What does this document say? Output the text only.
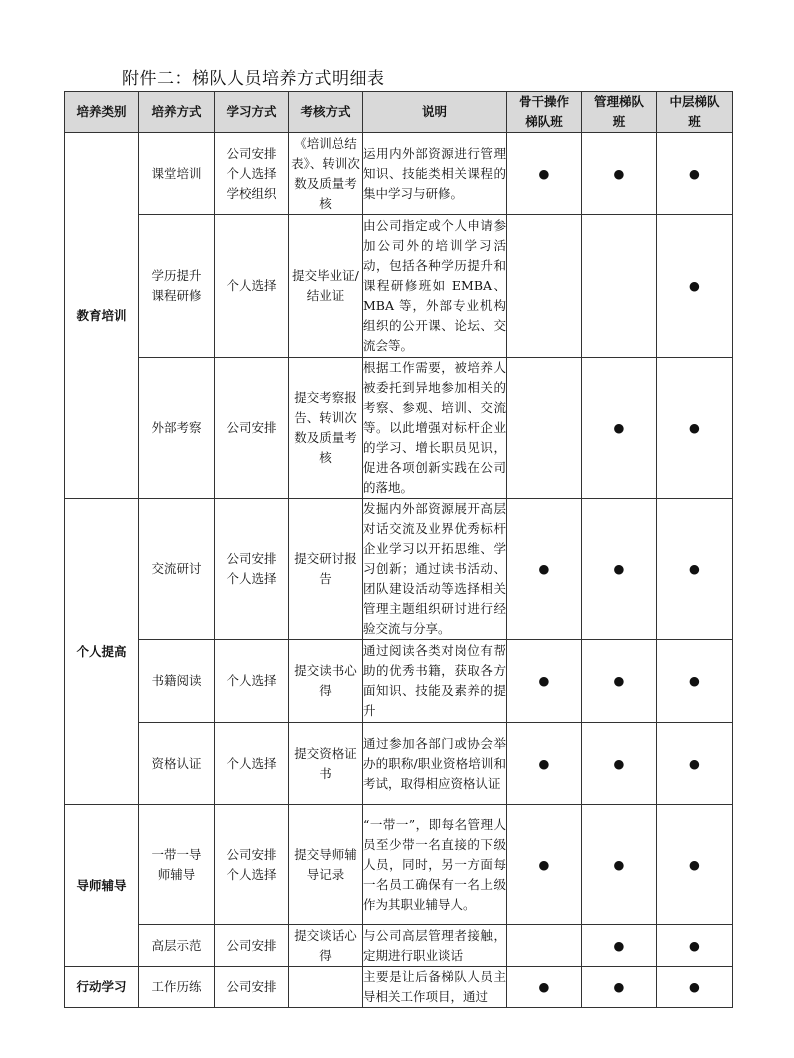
附件二：梯队人员培养方式明细表
培养类别	培养方式	学习方式	考核方式	说明	骨干操作梯队班	管理梯队班	中层梯队班

教育培训	课堂培训	公司安排个人选择学校组织	《培训总结表》、转训次数及质量考核	运用内外部资源进行管理知识、技能类相关课程的集中学习与研修。	●	●	●

	学历提升课程研修	个人选择	提交毕业证/结业证	由公司指定或个人申请参加公司外的培训学习活动，包括各种学历提升和课程研修班如 EMBA、MBA 等，外部专业机构组织的公开课、论坛、交流会等。			●
	外部考察	公司安排	提交考察报告、转训次数及质量考核	根据工作需要，被培养人被委托到异地参加相关的考察、参观、培训、交流等。以此增强对标杆企业的学习、增长职员见识，促进各项创新实践在公司的落地。		●	●
个人提高	交流研讨	公司安排个人选择	提交研讨报告	发掘内外部资源展开高层对话交流及业界优秀标杆企业学习以开拓思维、学习创新；通过读书活动、团队建设活动等选择相关管理主题组织研讨进行经验交流与分享。	●	●	●
	书籍阅读	个人选择	提交读书心得	通过阅读各类对岗位有帮助的优秀书籍，获取各方面知识、技能及素养的提升	●	●	●
	资格认证	个人选择	提交资格证书	通过参加各部门或协会举办的职称/职业资格培训和考试，取得相应资格认证	●	●	●
导师辅导	一带一导师辅导	公司安排个人选择	提交导师辅导记录	“一带一”，即每名管理人员至少带一名直接的下级人员，同时，另一方面每一名员工确保有一名上级作为其职业辅导人。	●	●	●
	高层示范	公司安排	提交谈话心得	与公司高层管理者接触，定期进行职业谈话		●	●
行动学习	工作历练	公司安排		主要是让后备梯队人员主导相关工作项目，通过	●	●	●
